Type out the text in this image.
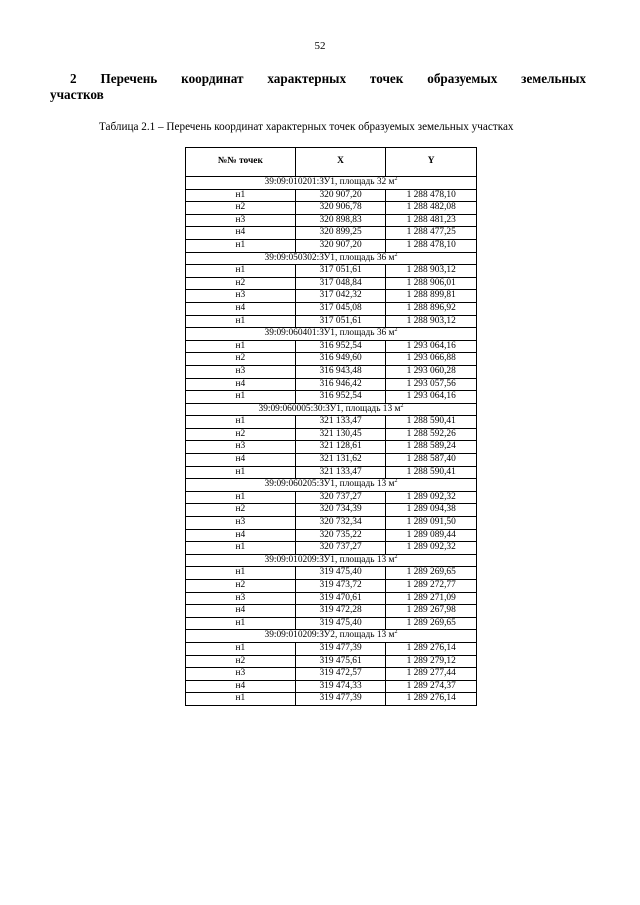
52
2 Перечень координат характерных точек образуемых земельных
участков
Таблица 2.1 – Перечень координат характерных точек образуемых земельных участках
№№ точек	X	Y
39:09:010201:ЗУ1, площадь 32 $м^2$
н1	320 907,20	1 288 478,10
н2	320 906,78	1 288 482,08
н3	320 898,83	1 288 481,23
н4	320 899,25	1 288 477,25
н1	320 907,20	1 288 478,10
39:09:050302:ЗУ1, площадь 36 $м^2$
н1	317 051,61	1 288 903,12
н2	317 048,84	1 288 906,01
н3	317 042,32	1 288 899,81
н4	317 045,08	1 288 896,92
н1	317 051,61	1 288 903,12
39:09:060401:ЗУ1, площадь 36 $м^2$
н1	316 952,54	1 293 064,16
н2	316 949,60	1 293 066,88
н3	316 943,48	1 293 060,28
н4	316 946,42	1 293 057,56
н1	316 952,54	1 293 064,16
39:09:060005:30:ЗУ1, площадь 13 $м^2$
н1	321 133,47	1 288 590,41
н2	321 130,45	1 288 592,26
н3	321 128,61	1 288 589,24
н4	321 131,62	1 288 587,40
н1	321 133,47	1 288 590,41
39:09:060205:ЗУ1, площадь 13 $м^2$
н1	320 737,27	1 289 092,32
н2	320 734,39	1 289 094,38
н3	320 732,34	1 289 091,50
н4	320 735,22	1 289 089,44
н1	320 737,27	1 289 092,32
39:09:010209:ЗУ1, площадь 13 $м^2$
н1	319 475,40	1 289 269,65
н2	319 473,72	1 289 272,77
н3	319 470,61	1 289 271,09
н4	319 472,28	1 289 267,98
н1	319 475,40	1 289 269,65
39:09:010209:ЗУ2, площадь 13 $м^2$
н1	319 477,39	1 289 276,14
н2	319 475,61	1 289 279,12
н3	319 472,57	1 289 277,44
н4	319 474,33	1 289 274,37
н1	319 477,39	1 289 276,14
